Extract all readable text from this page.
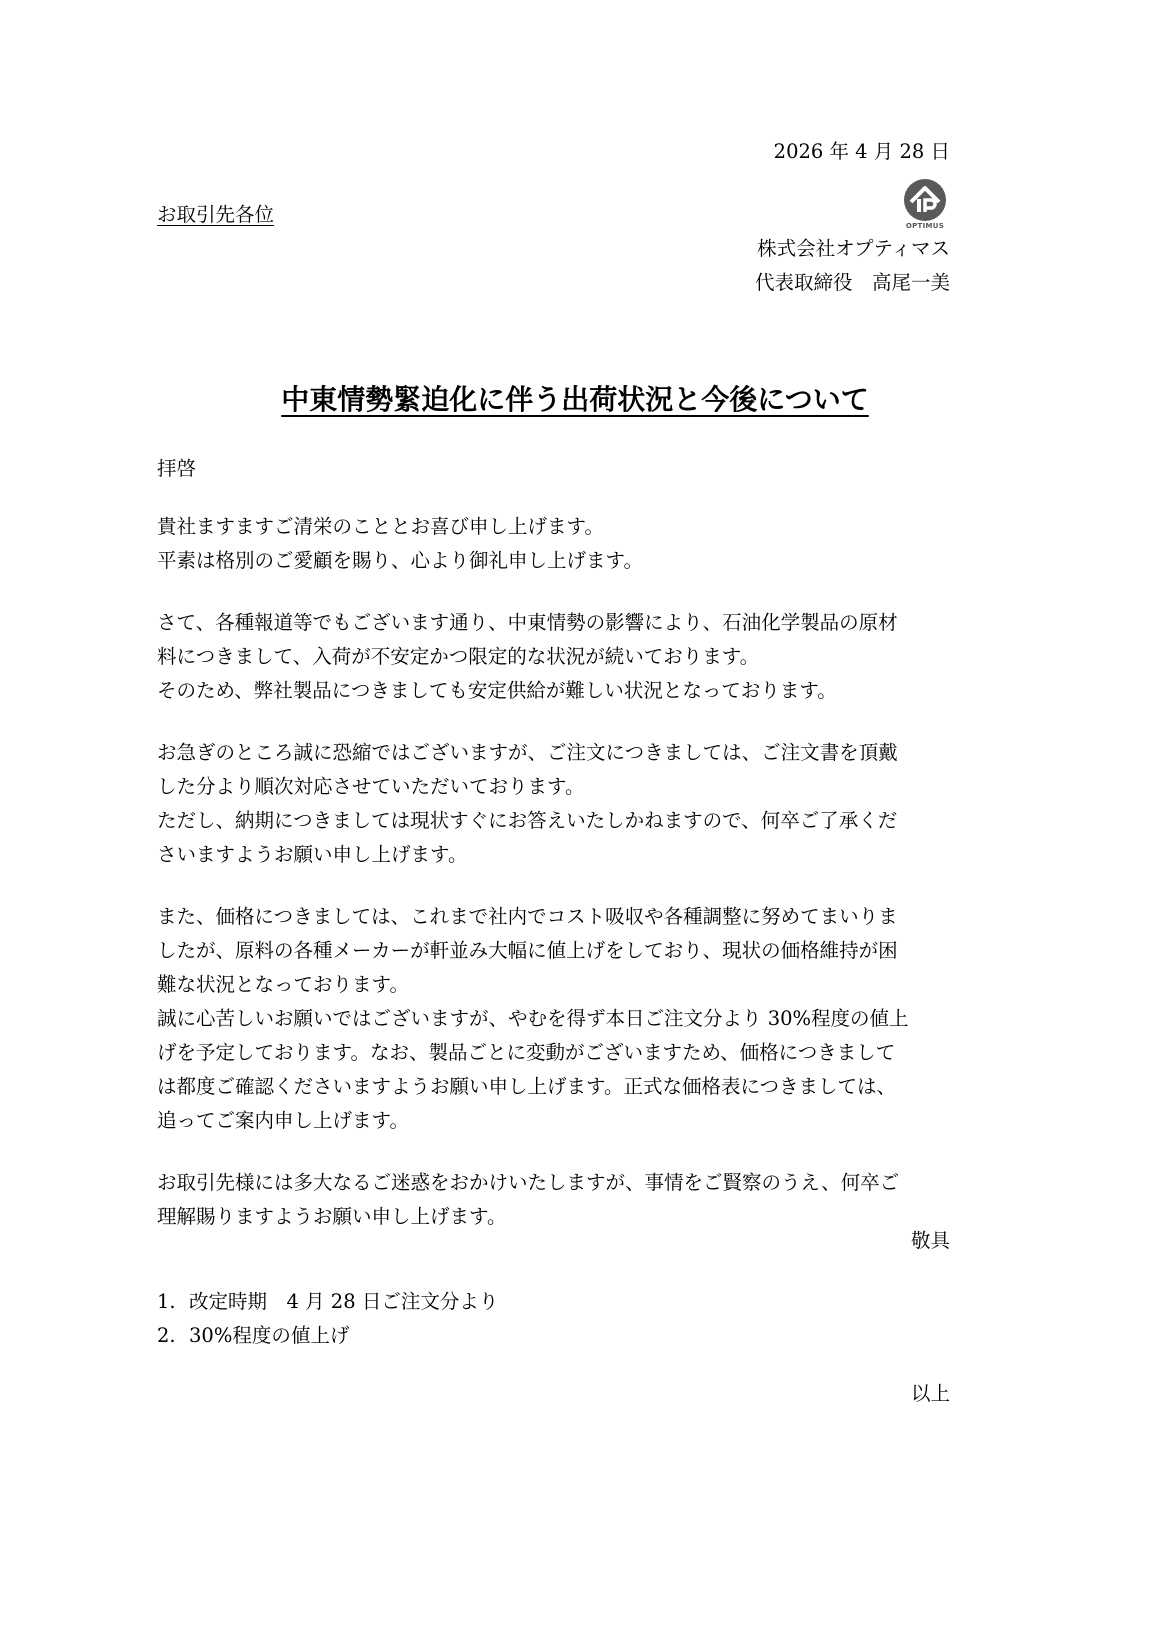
2026 年 4 月 28 日
お取引先各位	OPTIMUS
株式会社オプティマス
代表取締役　高尾一美
中東情勢緊迫化に伴う出荷状況と今後について
拝啓
貴社ますますご清栄のこととお喜び申し上げます。
平素は格別のご愛顧を賜り、心より御礼申し上げます。
さて、各種報道等でもございます通り、中東情勢の影響により、石油化学製品の原材
料につきまして、入荷が不安定かつ限定的な状況が続いております。
そのため、弊社製品につきましても安定供給が難しい状況となっております。
お急ぎのところ誠に恐縮ではございますが、ご注文につきましては、ご注文書を頂戴
した分より順次対応させていただいております。
ただし、納期につきましては現状すぐにお答えいたしかねますので、何卒ご了承くだ
さいますようお願い申し上げます。
また、価格につきましては、これまで社内でコスト吸収や各種調整に努めてまいりま
したが、原料の各種メーカーが軒並み大幅に値上げをしており、現状の価格維持が困
難な状況となっております。
誠に心苦しいお願いではございますが、やむを得ず本日ご注文分より 30%程度の値上
げを予定しております。なお、製品ごとに変動がございますため、価格につきまして
は都度ご確認くださいますようお願い申し上げます。正式な価格表につきましては、
追ってご案内申し上げます。
お取引先様には多大なるご迷惑をおかけいたしますが、事情をご賢察のうえ、何卒ご
理解賜りますようお願い申し上げます。
敬具
1. 改定時期　4 月 28 日ご注文分より
2. 30%程度の値上げ
以上
